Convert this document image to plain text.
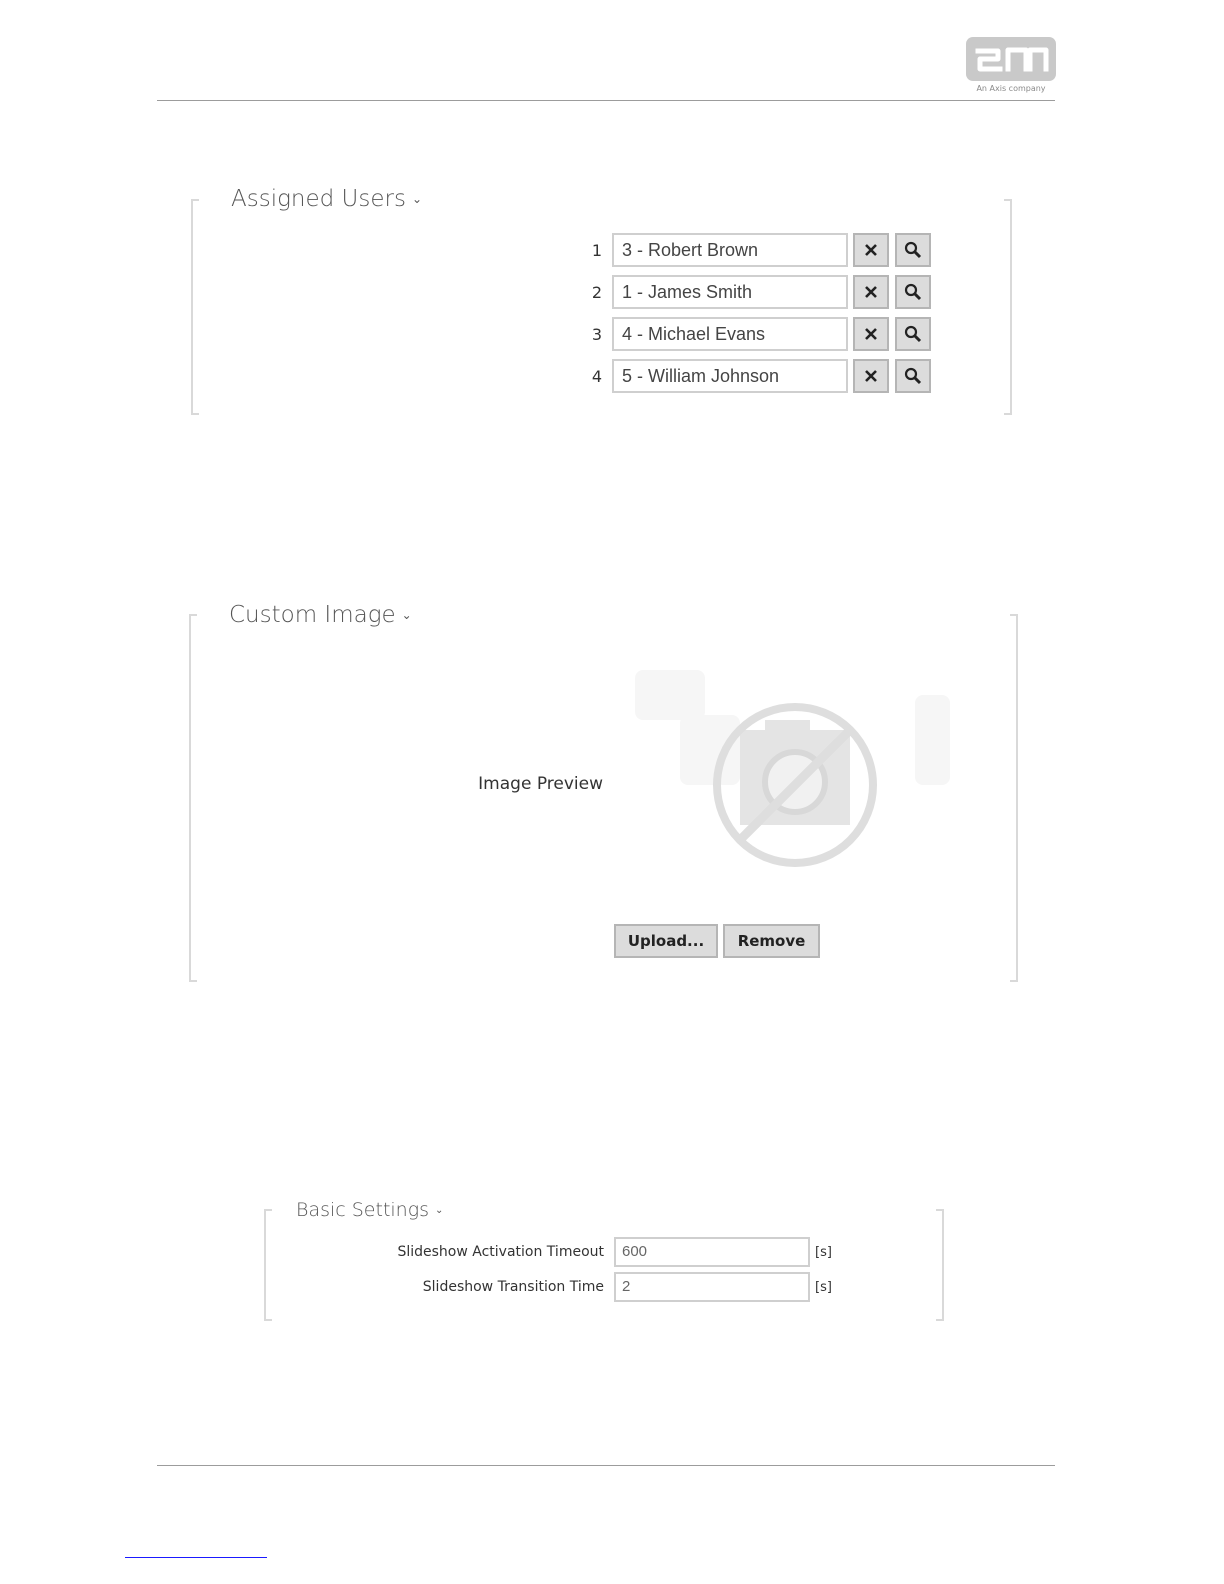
An Axis company
Assigned Users ⌄
1	3 - Robert Brown
2	1 - James Smith
3	4 - Michael Evans
4	5 - William Johnson
Custom Image ⌄
Image Preview
Upload...	Remove
Basic Settings ⌄
Slideshow Activation Timeout	600	[s]
Slideshow Transition Time	2	[s]
